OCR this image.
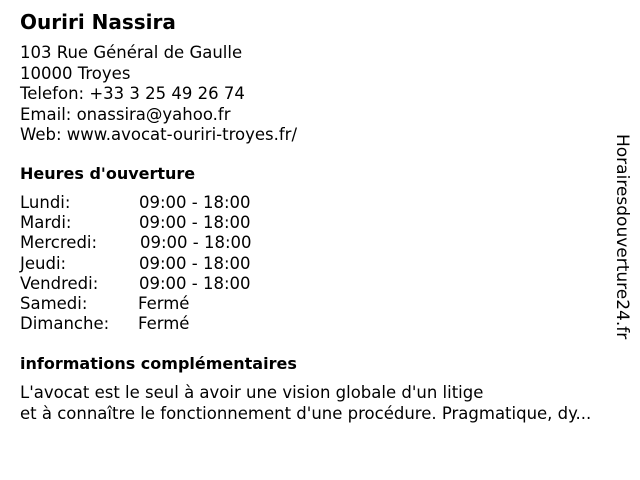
Ouriri Nassira
103 Rue Général de Gaulle
10000 Troyes
Telefon: +33 3 25 49 26 74
Email: onassira@yahoo.fr
Web: www.avocat-ouriri-troyes.fr/
Heures d'ouverture
Lundi:	09:00 - 18:00
Mardi:	09:00 - 18:00
Mercredi:	09:00 - 18:00
Jeudi:	09:00 - 18:00
Vendredi: 09:00 - 18:00
Samedi:	Fermé
Dimanche: Fermé
informations complémentaires
L'avocat est le seul à avoir une vision globale d'un litige
et à connaître le fonctionnement d'une procédure. Pragmatique, dy...
Horairesdouverture24.fr
